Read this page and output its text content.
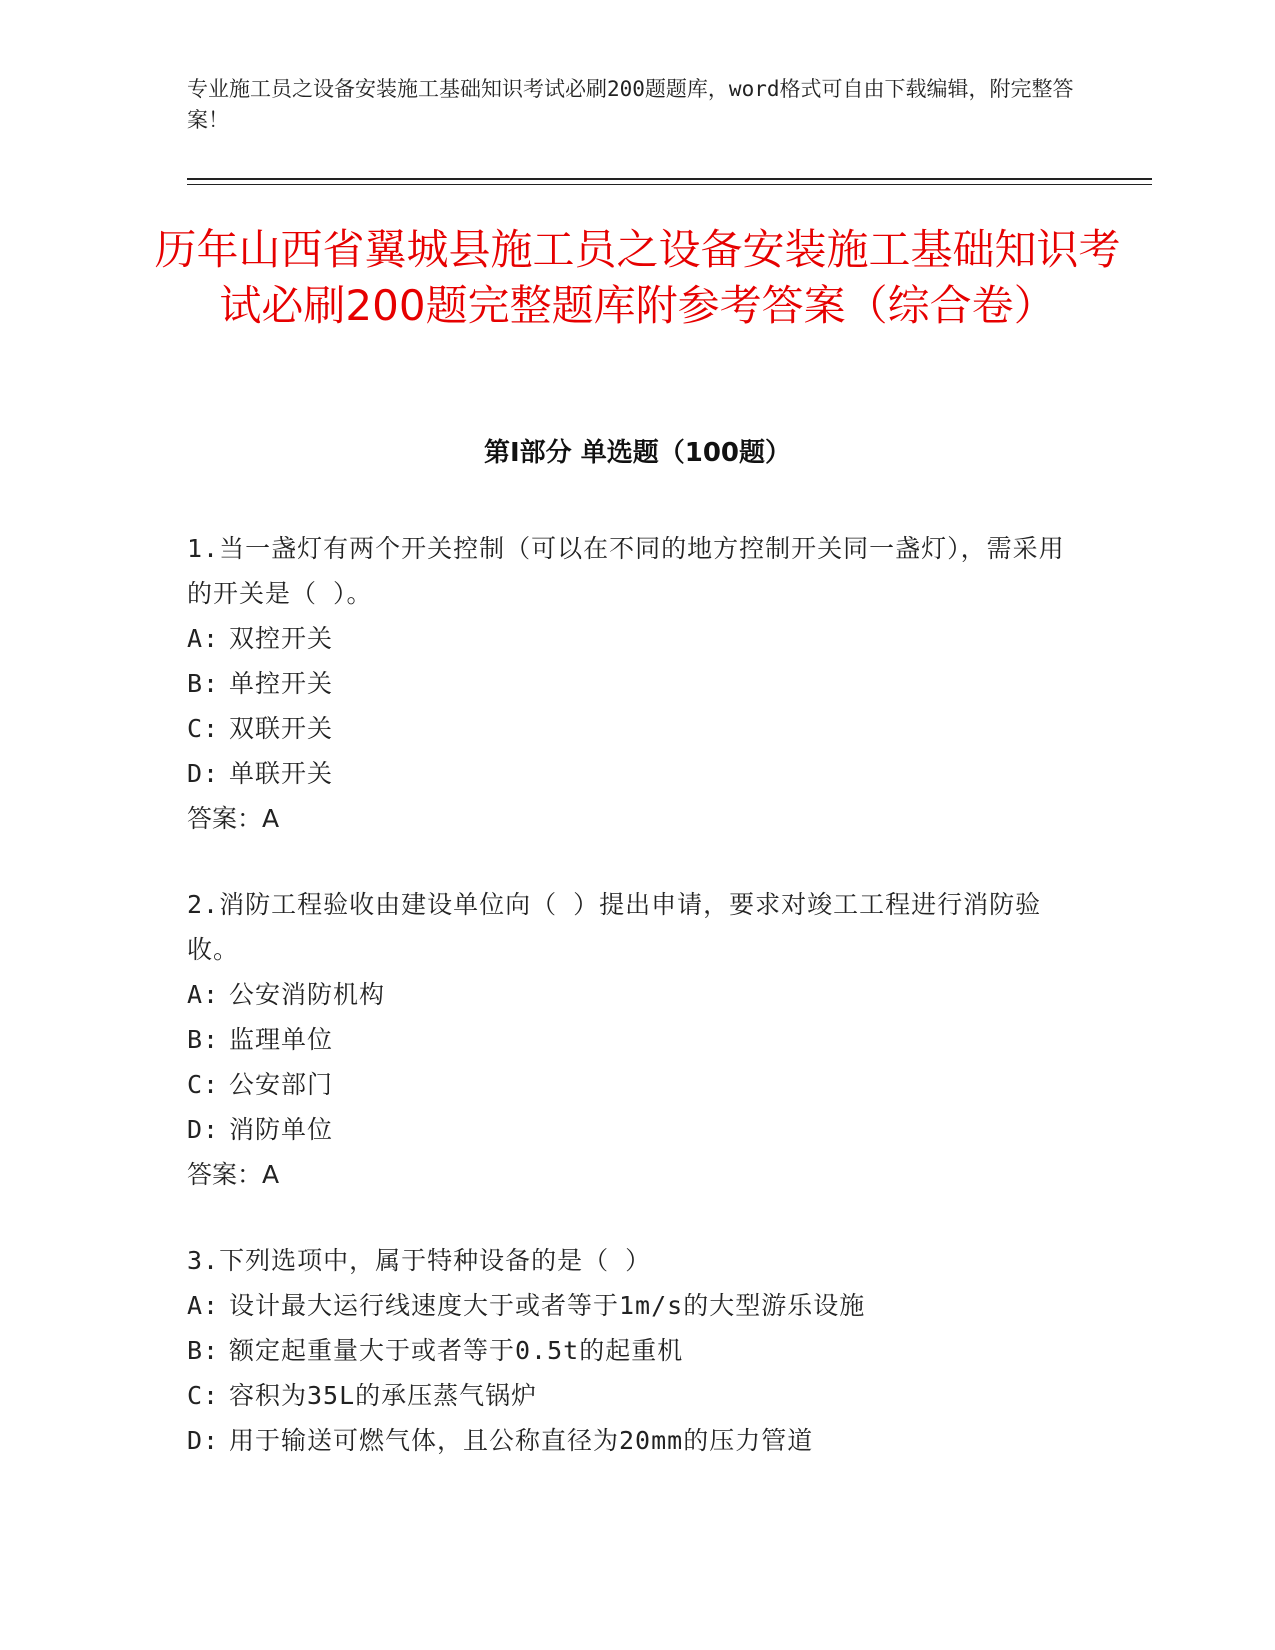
专业施工员之设备安装施工基础知识考试必刷200题题库，word格式可自由下载编辑，附完整答案！
历年山西省翼城县施工员之设备安装施工基础知识考试必刷200题完整题库附参考答案（综合卷）
第I部分 单选题（100题）
1.当一盏灯有两个开关控制（可以在不同的地方控制开关同一盏灯），需采用的开关是（ ）。
A: 双控开关
B: 单控开关
C: 双联开关
D: 单联开关
答案：A
2.消防工程验收由建设单位向（ ）提出申请，要求对竣工工程进行消防验收。
A: 公安消防机构
B: 监理单位
C: 公安部门
D: 消防单位
答案：A
3.下列选项中，属于特种设备的是（ ）
A: 设计最大运行线速度大于或者等于1m/s的大型游乐设施
B: 额定起重量大于或者等于0.5t的起重机
C: 容积为35L的承压蒸气锅炉
D: 用于输送可燃气体，且公称直径为20mm的压力管道
